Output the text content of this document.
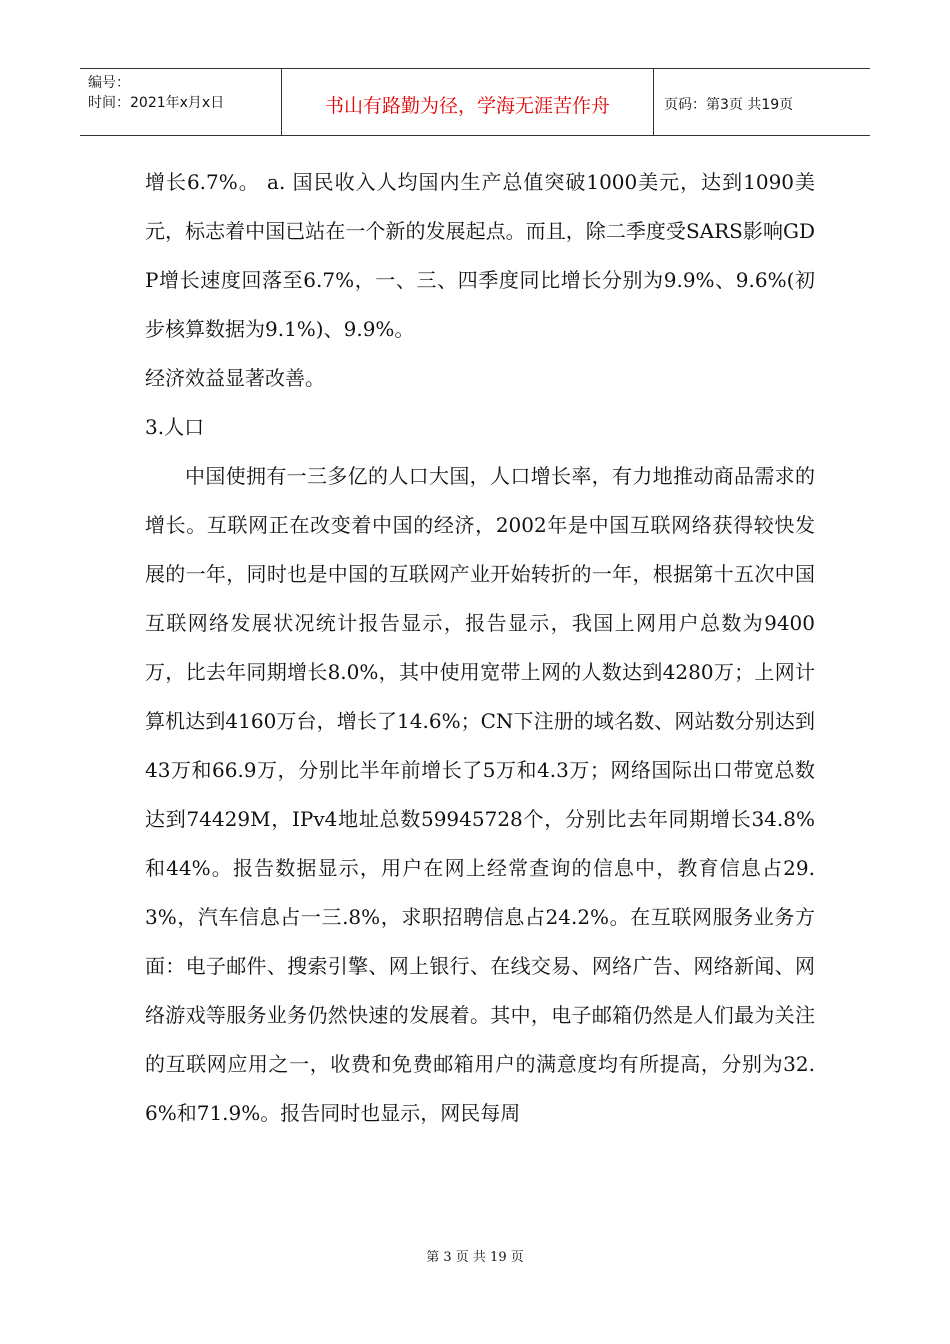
编号：
时间：2021年x月x日	书山有路勤为径，学海无涯苦作舟	页码：第3页 共19页

增长6.7%。 a. 国民收入人均国内生产总值突破1000美元，达到1090美元，标志着中国已站在一个新的发展起点。而且，除二季度受SARS影响GDP增长速度回落至6.7%，一、三、四季度同比增长分别为9.9%、9.6%(初步核算数据为9.1%)、9.9%。

经济效益显著改善。

3.人口

中国使拥有一三多亿的人口大国，人口增长率，有力地推动商品需求的增长。互联网正在改变着中国的经济，2002年是中国互联网络获得较快发展的一年，同时也是中国的互联网产业开始转折的一年，根据第十五次中国互联网络发展状况统计报告显示，报告显示，我国上网用户总数为9400万，比去年同期增长8.0%，其中使用宽带上网的人数达到4280万；上网计算机达到4160万台，增长了14.6%；CN下注册的域名数、网站数分别达到43万和66.9万，分别比半年前增长了5万和4.3万；网络国际出口带宽总数达到74429M，IPv4地址总数59945728个，分别比去年同期增长34.8%和44%。报告数据显示，用户在网上经常查询的信息中，教育信息占29.3%，汽车信息占一三.8%，求职招聘信息占24.2%。在互联网服务业务方面：电子邮件、搜索引擎、网上银行、在线交易、网络广告、网络新闻、网络游戏等服务业务仍然快速的发展着。其中，电子邮箱仍然是人们最为关注的互联网应用之一，收费和免费邮箱用户的满意度均有所提高，分别为32.6%和71.9%。报告同时也显示，网民每周

第 3 页 共 19 页
